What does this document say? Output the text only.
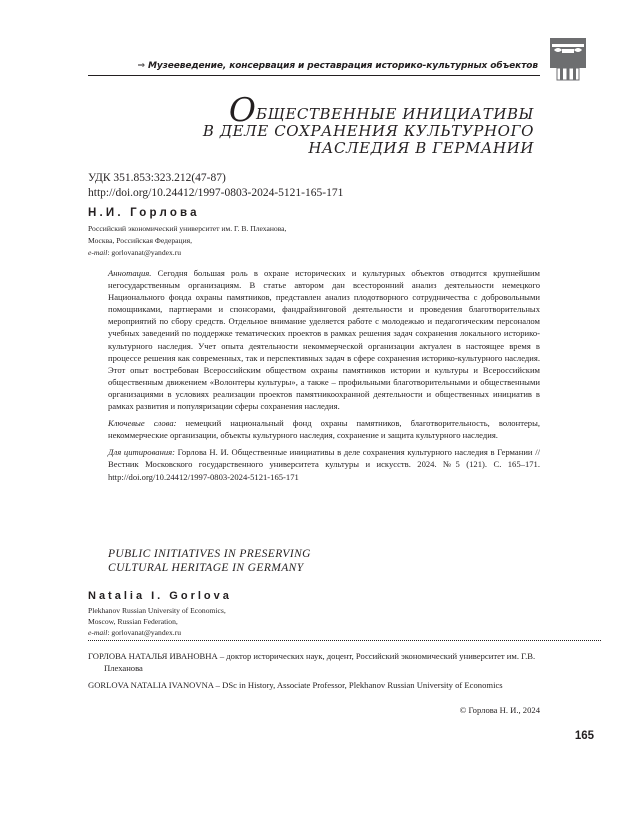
⇒ Музееведение, консервация и реставрация историко-культурных объектов
ОБЩЕСТВЕННЫЕ ИНИЦИАТИВЫ
В ДЕЛЕ СОХРАНЕНИЯ КУЛЬТУРНОГО
НАСЛЕДИЯ В ГЕРМАНИИ
УДК 351.853:323.212(47-87)
http://doi.org/10.24412/1997-0803-2024-5121-165-171
Н.И. Горлова
Российский экономический университет им. Г. В. Плеханова,
Москва, Российская Федерация,
e-mail: gorlovanat@yandex.ru

Аннотация. Сегодня большая роль в охране исторических и культурных объектов отводится крупнейшим негосударственным организациям. В статье автором дан всесторонний анализ деятельности немецкого Национального фонда охраны памятников, представлен анализ плодотворного сотрудничества с добровольными помощниками, партнерами и спонсорами, фандрайзинговой деятельности и проведения благотворительных мероприятий по сбору средств. Отдельное внимание уделяется работе с молодежью и педагогическим персоналом учебных заведений по поддержке тематических проектов в рамках решения задач сохранения локального историко-культурного наследия. Учет опыта деятельности некоммерческой организации актуален в настоящее время в процессе решения как современных, так и перспективных задач в сфере сохранения историко-культурного наследия. Этот опыт востребован Всероссийским обществом охраны памятников истории и культуры и Всероссийским общественным движением «Волонтеры культуры», а также – профильными благотворительными и общественными организациями в условиях реализации проектов памятникоохранной деятельности и общественных инициатив в рамках развития и популяризации сферы сохранения наследия.

Ключевые слова: немецкий национальный фонд охраны памятников, благотворительность, волонтеры, некоммерческие организации, объекты культурного наследия, сохранение и защита культурного наследия.

Для цитирования: Горлова Н. И. Общественные инициативы в деле сохранения культурного наследия в Германии // Вестник Московского государственного университета культуры и искусств. 2024. №5 (121). С. 165–171. http://doi.org/10.24412/1997-0803-2024-5121-165-171

PUBLIC INITIATIVES IN PRESERVING
CULTURAL HERITAGE IN GERMANY
Natalia I. Gorlova
Plekhanov Russian University of Economics,
Moscow, Russian Federation,
e-mail: gorlovanat@yandex.ru

ГОРЛОВА НАТАЛЬЯ ИВАНОВНА – доктор исторических наук, доцент, Российский экономический университет им. Г.В. Плеханова

GORLOVA NATALIA IVANOVNA – DSc in History, Associate Professor, Plekhanov Russian University of Economics

© Горлова Н. И., 2024
165
